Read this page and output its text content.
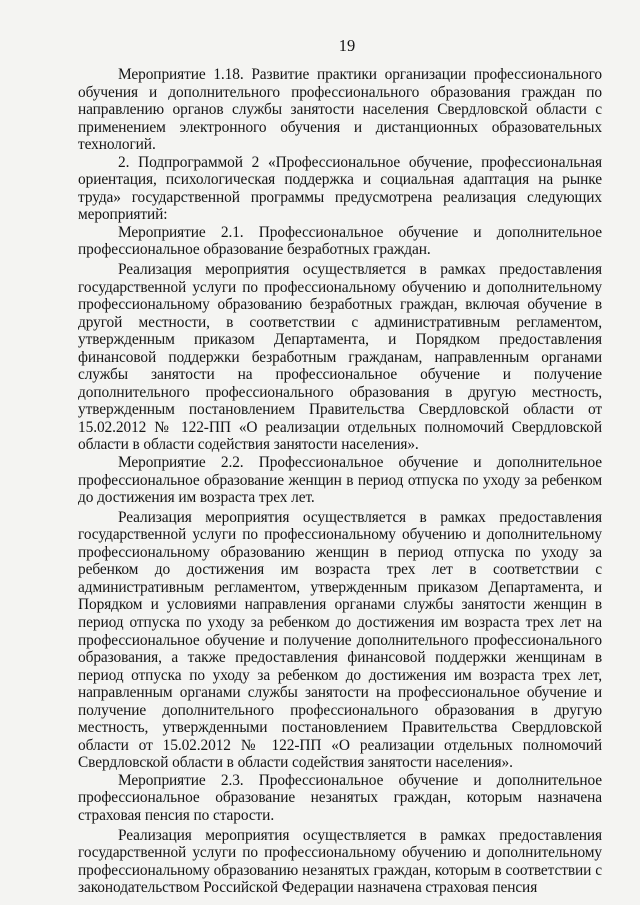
19

Мероприятие 1.18. Развитие практики организации профессионального обучения и дополнительного профессионального образования граждан по направлению органов службы занятости населения Свердловской области с применением электронного обучения и дистанционных образовательных технологий.

2. Подпрограммой 2 «Профессиональное обучение, профессиональная ориентация, психологическая поддержка и социальная адаптация на рынке труда» государственной программы предусмотрена реализация следующих мероприятий:

Мероприятие 2.1. Профессиональное обучение и дополнительное профессиональное образование безработных граждан.

Реализация мероприятия осуществляется в рамках предоставления государственной услуги по профессиональному обучению и дополнительному профессиональному образованию безработных граждан, включая обучение в другой местности, в соответствии с административным регламентом, утвержденным приказом Департамента, и Порядком предоставления финансовой поддержки безработным гражданам, направленным органами службы занятости на профессиональное обучение и получение дополнительного профессионального образования в другую местность, утвержденным постановлением Правительства Свердловской области от 15.02.2012 № 122-ПП «О реализации отдельных полномочий Свердловской области в области содействия занятости населения».

Мероприятие 2.2. Профессиональное обучение и дополнительное профессиональное образование женщин в период отпуска по уходу за ребенком до достижения им возраста трех лет.

Реализация мероприятия осуществляется в рамках предоставления государственной услуги по профессиональному обучению и дополнительному профессиональному образованию женщин в период отпуска по уходу за ребенком до достижения им возраста трех лет в соответствии с административным регламентом, утвержденным приказом Департамента, и Порядком и условиями направления органами службы занятости женщин в период отпуска по уходу за ребенком до достижения им возраста трех лет на профессиональное обучение и получение дополнительного профессионального образования, а также предоставления финансовой поддержки женщинам в период отпуска по уходу за ребенком до достижения им возраста трех лет, направленным органами службы занятости на профессиональное обучение и получение дополнительного профессионального образования в другую местность, утвержденными постановлением Правительства Свердловской области от 15.02.2012 № 122-ПП «О реализации отдельных полномочий Свердловской области в области содействия занятости населения».

Мероприятие 2.3. Профессиональное обучение и дополнительное профессиональное образование незанятых граждан, которым назначена страховая пенсия по старости.

Реализация мероприятия осуществляется в рамках предоставления государственной услуги по профессиональному обучению и дополнительному профессиональному образованию незанятых граждан, которым в соответствии с законодательством Российской Федерации назначена страховая пенсия
